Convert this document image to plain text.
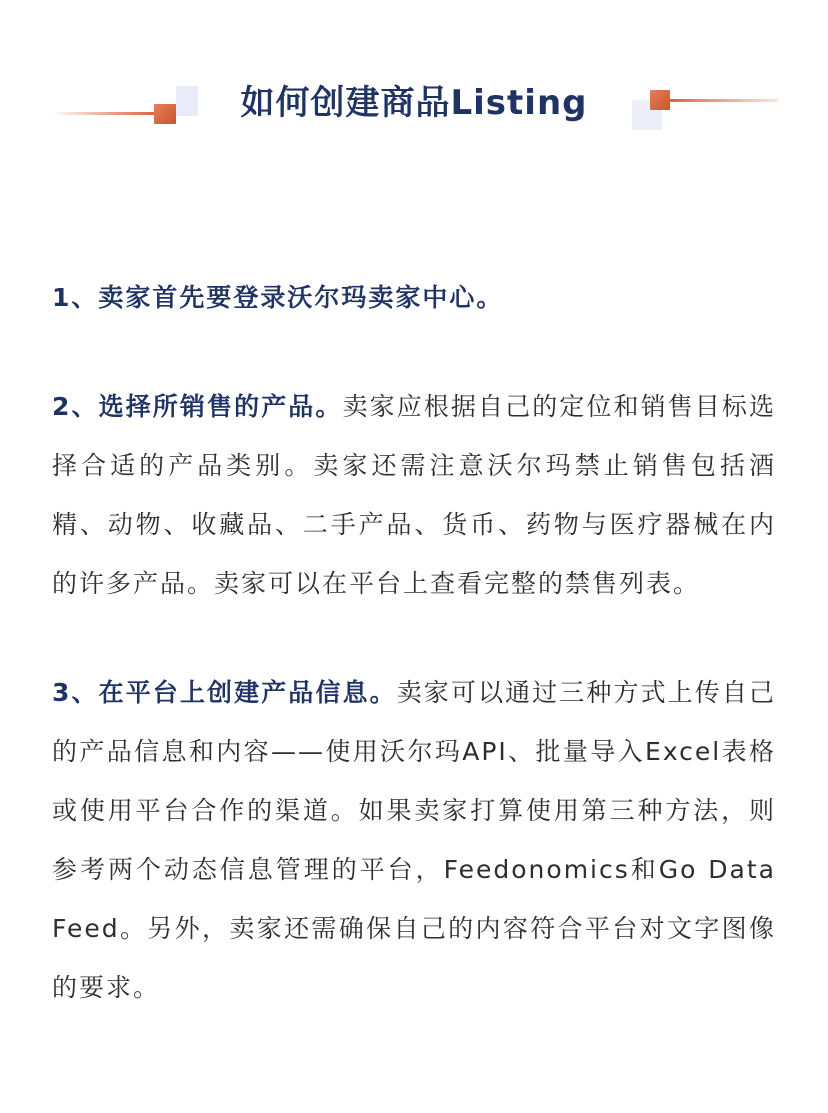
如何创建商品Listing

1、卖家首先要登录沃尔玛卖家中心。

2、选择所销售的产品。卖家应根据自己的定位和销售目标选择合适的产品类别。卖家还需注意沃尔玛禁止销售包括酒精、动物、收藏品、二手产品、货币、药物与医疗器械在内的许多产品。卖家可以在平台上查看完整的禁售列表。

3、在平台上创建产品信息。卖家可以通过三种方式上传自己的产品信息和内容——使用沃尔玛API、批量导入Excel表格或使用平台合作的渠道。如果卖家打算使用第三种方法，则参考两个动态信息管理的平台，Feedonomics和Go Data Feed。另外，卖家还需确保自己的内容符合平台对文字图像的要求。
